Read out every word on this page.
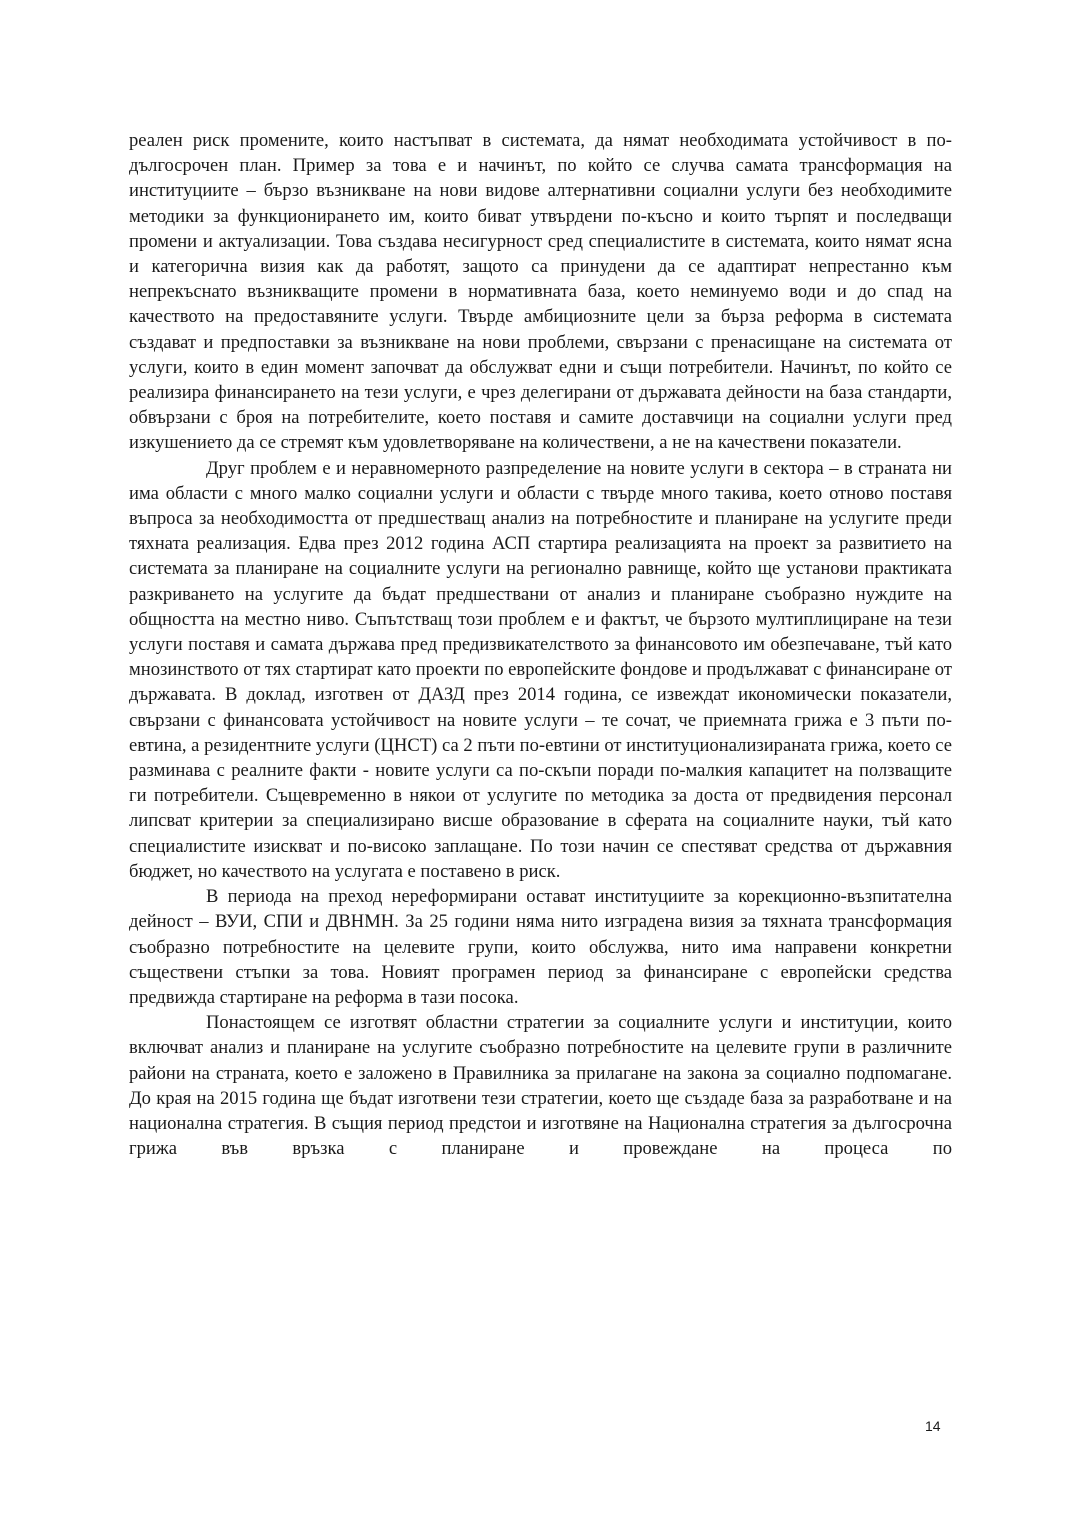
реален риск промените, които настъпват в системата, да нямат необходимата устойчивост в по-дългосрочен план. Пример за това е и начинът, по който се случва самата трансформация на институциите – бързо възникване на нови видове алтернативни социални услуги без необходимите методики за функционирането им, които биват утвърдени по-късно и които търпят и последващи промени и актуализации. Това създава несигурност сред специалистите в системата, които нямат ясна и категорична визия как да работят, защото са принудени да се адаптират непрестанно към непрекъснато възникващите промени в нормативната база, което неминуемо води и до спад на качеството на предоставяните услуги. Твърде амбициозните цели за бърза реформа в системата създават и предпоставки за възникване на нови проблеми, свързани с пренасищане на системата от услуги, които в един момент започват да обслужват едни и същи потребители. Начинът, по който се реализира финансирането на тези услуги, е чрез делегирани от държавата дейности на база стандарти, обвързани с броя на потребителите, което поставя и самите доставчици на социални услуги пред изкушението да се стремят към удовлетворяване на количествени, а не на качествени показатели.

Друг проблем е и неравномерното разпределение на новите услуги в сектора – в страната ни има области с много малко социални услуги и области с твърде много такива, което отново поставя въпроса за необходимостта от предшестващ анализ на потребностите и планиране на услугите преди тяхната реализация. Едва през 2012 година АСП стартира реализацията на проект за развитието на системата за планиране на социалните услуги на регионално равнище, който ще установи практиката разкриването на услугите да бъдат предшествани от анализ и планиране съобразно нуждите на общността на местно ниво. Съпътстващ този проблем е и фактът, че бързото мултиплициране на тези услуги поставя и самата държава пред предизвикателството за финансовото им обезпечаване, тъй като мнозинството от тях стартират като проекти по европейските фондове и продължават с финансиране от държавата. В доклад, изготвен от ДАЗД през 2014 година, се извеждат икономически показатели, свързани с финансовата устойчивост на новите услуги – те сочат, че приемната грижа е 3 пъти по-евтина, а резидентните услуги (ЦНСТ) са 2 пъти по-евтини от институционализираната грижа, което се разминава с реалните факти - новите услуги са по-скъпи поради по-малкия капацитет на ползващите ги потребители. Същевременно в някои от услугите по методика за доста от предвидения персонал липсват критерии за специализирано висше образование в сферата на социалните науки, тъй като специалистите изискват и по-високо заплащане. По този начин се спестяват средства от държавния бюджет, но качеството на услугата е поставено в риск.

В периода на преход нереформирани остават институциите за корекционно-възпитателна дейност – ВУИ, СПИ и ДВНМН. За 25 години няма нито изградена визия за тяхната трансформация съобразно потребностите на целевите групи, които обслужва, нито има направени конкретни съществени стъпки за това. Новият програмен период за финансиране с европейски средства предвижда стартиране на реформа в тази посока.

Понастоящем се изготвят областни стратегии за социалните услуги и институции, които включват анализ и планиране на услугите съобразно потребностите на целевите групи в различните райони на страната, което е заложено в Правилника за прилагане на закона за социално подпомагане. До края на 2015 година ще бъдат изготвени тези стратегии, което ще създаде база за разработване и на национална стратегия. В същия период предстои и изготвяне на Национална стратегия за дългосрочна грижа във връзка с планиране и провеждане на процеса по

14
